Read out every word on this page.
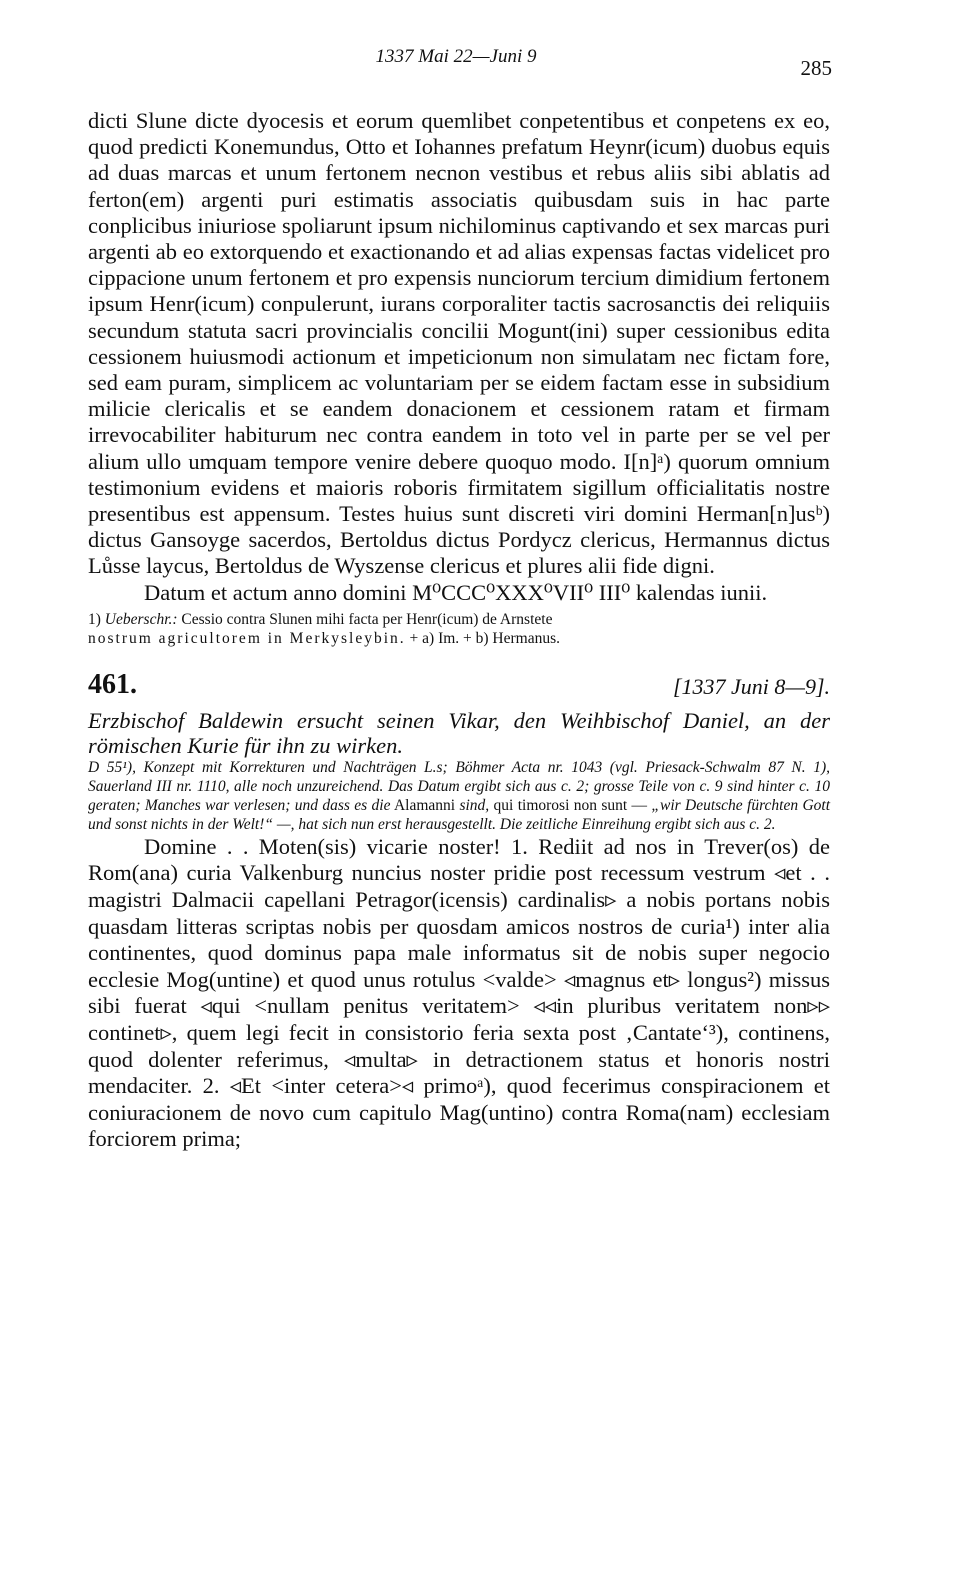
1337 Mai 22—Juni 9	285

dicti Slune dicte dyocesis et eorum quemlibet conpetentibus et conpetens ex eo, quod predicti Konemundus, Otto et Iohannes prefatum Heynr(icum) duobus equis ad duas marcas et unum fertonem necnon vestibus et rebus aliis sibi ablatis ad ferton(em) argenti puri estimatis associatis quibusdam suis in hac parte conplicibus iniuriose spoliarunt ipsum nichilominus captivando et sex marcas puri argenti ab eo extorquendo et exactionando et ad alias expensas factas videlicet pro cippacione unum fertonem et pro expensis nunciorum tercium dimidium fertonem ipsum Henr(icum) conpulerunt, iurans corporaliter tactis sacrosanctis dei reliquiis secundum statuta sacri provincialis concilii Mogunt(ini) super cessionibus edita cessionem huiusmodi actionum et impeticionum non simulatam nec fictam fore, sed eam puram, simplicem ac voluntariam per se eidem factam esse in subsidium milicie clericalis et se eandem donacionem et cessionem ratam et firmam irrevocabiliter habiturum nec contra eandem in toto vel in parte per se vel per alium ullo umquam tempore venire debere quoquo modo. I[n]ᵃ) quorum omnium testimonium evidens et maioris roboris firmitatem sigillum officialitatis nostre presentibus est appensum. Testes huius sunt discreti viri domini Herman[n]usᵇ) dictus Gansoyge sacerdos, Bertoldus dictus Pordycz clericus, Hermannus dictus Lůsse laycus, Bertoldus de Wyszense clericus et plures alii fide digni.

Datum et actum anno domini M⁰CCC⁰XXX⁰VII⁰ III⁰ kalendas iunii.

1) Ueberschr.: Cessio contra Slunen mihi facta per Henr(icum) de Arnstete
nostrum agricultorem in Merkysleybin. + a) Im. + b) Hermanus.
461.	[1337 Juni 8—9].

Erzbischof Baldewin ersucht seinen Vikar, den Weihbischof Daniel, an der römischen Kurie für ihn zu wirken.

D 55¹), Konzept mit Korrekturen und Nachträgen L.s; Böhmer Acta nr. 1043 (vgl. Priesack-Schwalm 87 N. 1), Sauerland III nr. 1110, alle noch unzureichend. Das Datum ergibt sich aus c. 2; grosse Teile von c. 9 sind hinter c. 10 geraten; Manches war verlesen; und dass es die Alamanni sind, qui timorosi non sunt — „wir Deutsche fürchten Gott und sonst nichts in der Welt!“ —, hat sich nun erst herausgestellt. Die zeitliche Einreihung ergibt sich aus c. 2.

Domine . . Moten(sis) vicarie noster! 1. Rediit ad nos in Trever(os) de Rom(ana) curia Valkenburg nuncius noster pridie post recessum vestrum ◃et . . magistri Dalmacii capellani Petragor(icensis) cardinalis▹ a nobis portans nobis quasdam litteras scriptas nobis per quosdam amicos nostros de curia¹) inter alia continentes, quod dominus papa male informatus sit de nobis super negocio ecclesie Mog(untine) et quod unus rotulus <valde> ◃magnus et▹ longus²) missus sibi fuerat ◃qui <nullam penitus veritatem> ◃◃in pluribus veritatem non▹▹ continet▹, quem legi fecit in consistorio feria sexta post ‚Cantate‘³), continens, quod dolenter referimus, ◃multa▹ in detractionem status et honoris nostri mendaciter. 2. ◃Et <inter cetera>◃ primoᵃ), quod fecerimus conspiracionem et coniuracionem de novo cum capitulo Mag(untino) contra Roma(nam) ecclesiam forciorem prima;
